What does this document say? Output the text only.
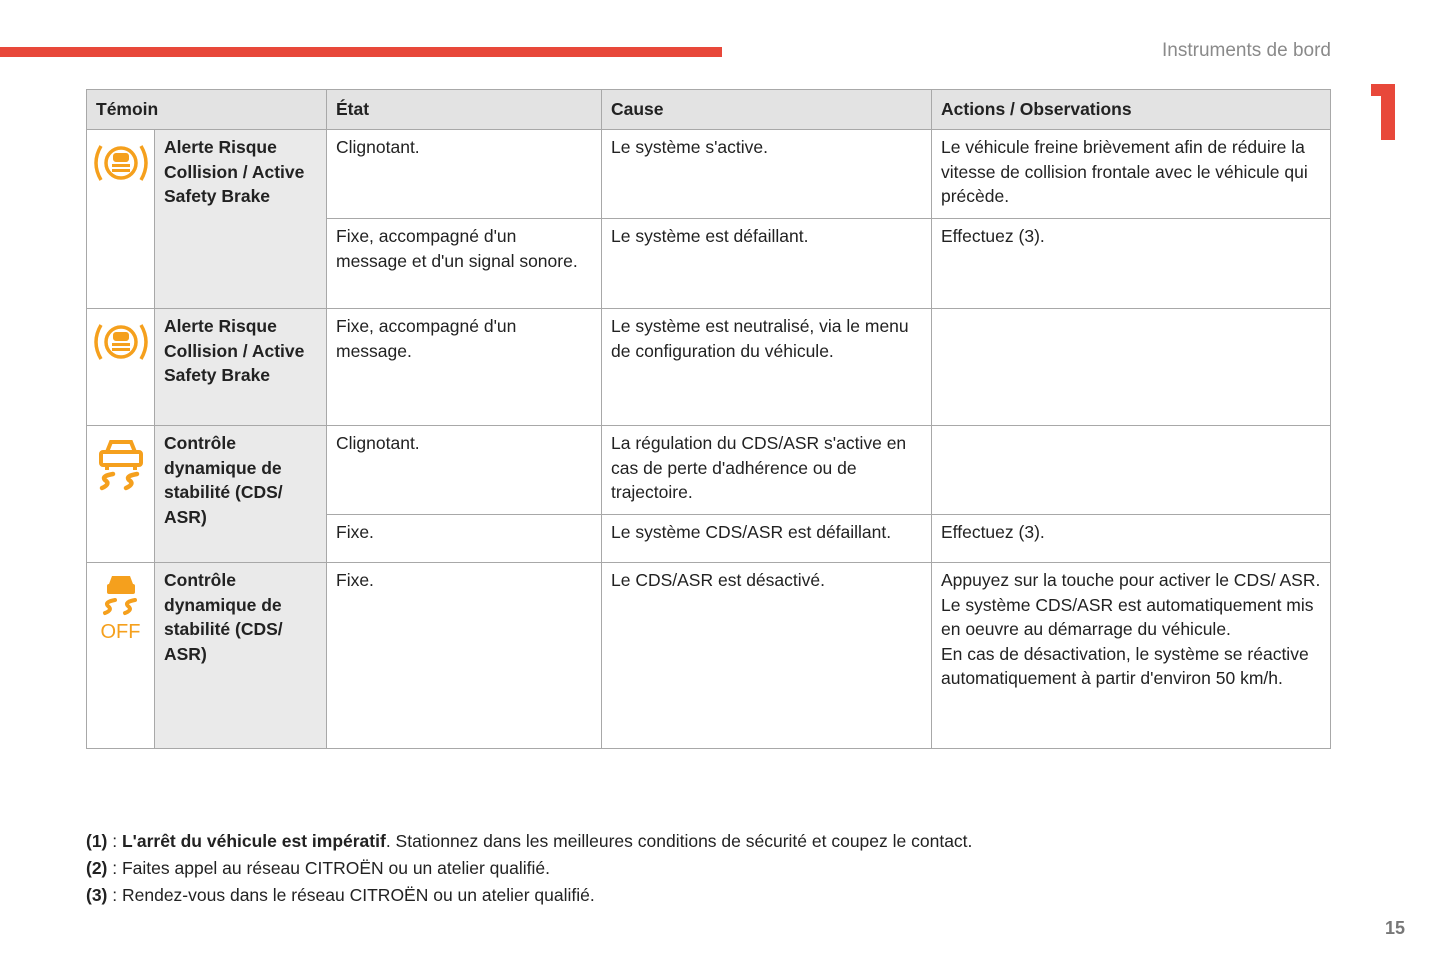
Instruments de bord
Témoin		État	Cause	Actions / Observations
	Alerte Risque Collision / Active Safety Brake	Clignotant.	Le système s'active.	Le véhicule freine brièvement afin de réduire la vitesse de collision frontale avec le véhicule qui précède.
		Fixe, accompagné d'un message et d'un signal sonore.	Le système est défaillant.	Effectuez (3).
	Alerte Risque Collision / Active Safety Brake	Fixe, accompagné d'un message.	Le système est neutralisé, via le menu de configuration du véhicule.	
	Contrôle dynamique de stabilité (CDS/ ASR)	Clignotant.	La régulation du CDS/ASR s'active en cas de perte d'adhérence ou de trajectoire.	
		Fixe.	Le système CDS/ASR est défaillant.	Effectuez (3).

OFF	Contrôle dynamique de stabilité (CDS/ ASR)	Fixe.	Le CDS/ASR est désactivé.	Appuyez sur la touche pour activer le CDS/ ASR.
Le système CDS/ASR est automatiquement mis en oeuvre au démarrage du véhicule.
En cas de désactivation, le système se réactive automatiquement à partir d'environ 50 km/h.
(1) : L'arrêt du véhicule est impératif. Stationnez dans les meilleures conditions de sécurité et coupez le contact.
(2) : Faites appel au réseau CITROËN ou un atelier qualifié.
(3) : Rendez-vous dans le réseau CITROËN ou un atelier qualifié.
15
